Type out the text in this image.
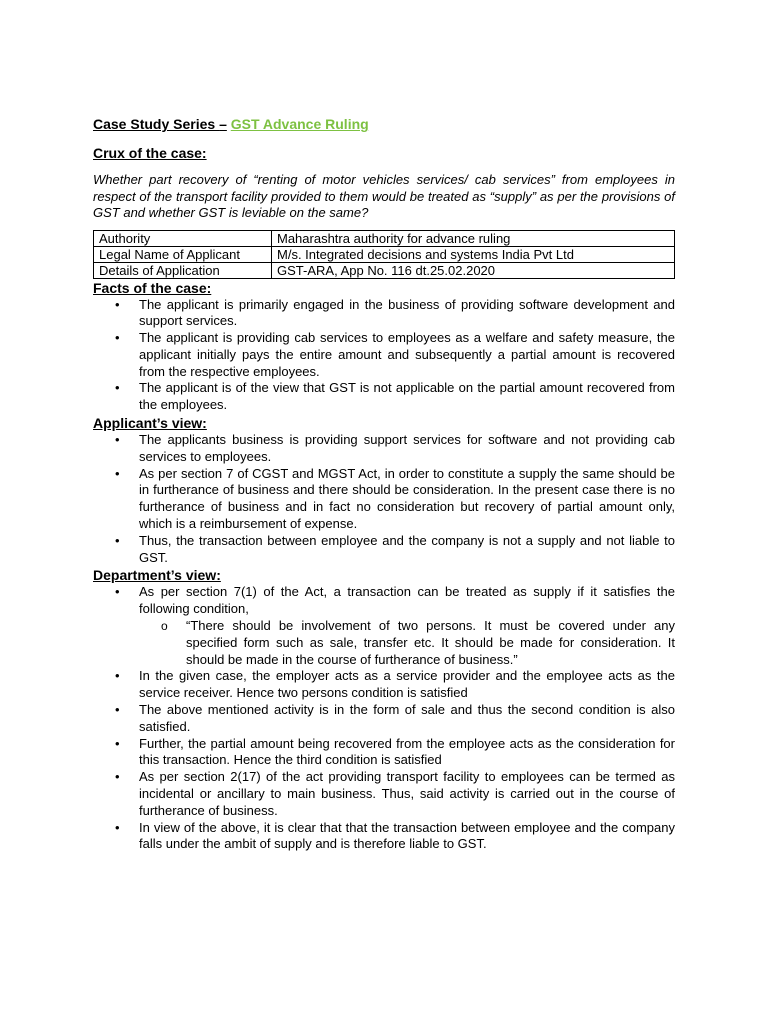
Case Study Series – GST Advance Ruling
Crux of the case:

Whether part recovery of “renting of motor vehicles services/ cab services” from employees in respect of the transport facility provided to them would be treated as “supply” as per the provisions of GST and whether GST is leviable on the same?

Authority	Maharashtra authority for advance ruling
Legal Name of Applicant	M/s. Integrated decisions and systems India Pvt Ltd
Details of Application	GST-ARA, App No. 116 dt.25.02.2020
Facts of the case:
• The applicant is primarily engaged in the business of providing software development and support services.
• The applicant is providing cab services to employees as a welfare and safety measure, the applicant initially pays the entire amount and subsequently a partial amount is recovered from the respective employees.
• The applicant is of the view that GST is not applicable on the partial amount recovered from the employees.
Applicant’s view:
• The applicants business is providing support services for software and not providing cab services to employees.
• As per section 7 of CGST and MGST Act, in order to constitute a supply the same should be in furtherance of business and there should be consideration. In the present case there is no furtherance of business and in fact no consideration but recovery of partial amount only, which is a reimbursement of expense.
• Thus, the transaction between employee and the company is not a supply and not liable to GST.
Department’s view:
• As per section 7(1) of the Act, a transaction can be treated as supply if it satisfies the following condition,
o “There should be involvement of two persons. It must be covered under any specified form such as sale, transfer etc. It should be made for consideration. It should be made in the course of furtherance of business.”
• In the given case, the employer acts as a service provider and the employee acts as the service receiver. Hence two persons condition is satisfied
• The above mentioned activity is in the form of sale and thus the second condition is also satisfied.
• Further, the partial amount being recovered from the employee acts as the consideration for this transaction. Hence the third condition is satisfied
• As per section 2(17) of the act providing transport facility to employees can be termed as incidental or ancillary to main business. Thus, said activity is carried out in the course of furtherance of business.
• In view of the above, it is clear that that the transaction between employee and the company falls under the ambit of supply and is therefore liable to GST.
